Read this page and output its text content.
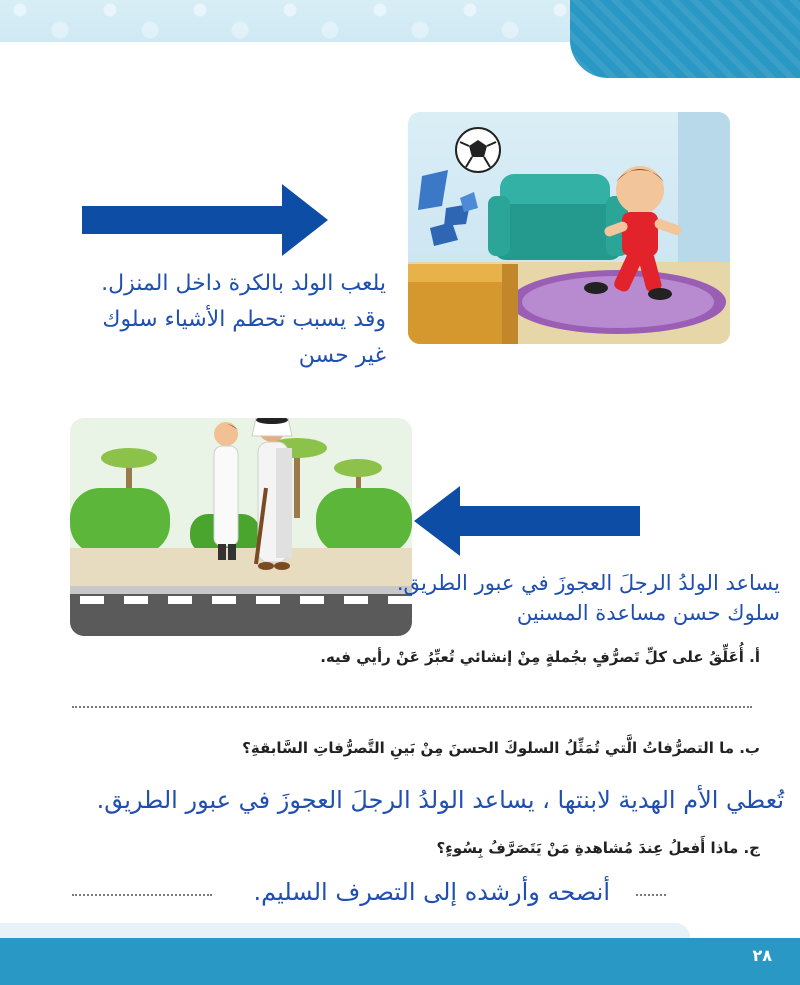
يلعب الولد بالكرة داخل المنزل.
وقد يسبب تحطم الأشياء سلوك
غير حسن
يساعد الولدُ الرجلَ العجوزَ في عبور الطريق.
سلوك حسن مساعدة المسنين
أ. أُعَلِّقُ على كلِّ تَصرُّفٍ بجُملةٍ مِنْ إنشائي تُعبِّرُ عَنْ رأيي فيه.
ب. ما التصرُّفاتُ الَّتي تُمَثِّلُ السلوكَ الحسنَ مِنْ بَينِ التَّصرُّفاتِ السَّابقةِ؟
تُعطي الأم الهدية لابنتها ، يساعد الولدُ الرجلَ العجوزَ في عبور الطريق.
ج. ماذا أَفعلُ عِندَ مُشاهدةِ مَنْ يَتَصَرَّفُ بِسُوءٍ؟
أنصحه وأرشده إلى التصرف السليم.
٢٨
